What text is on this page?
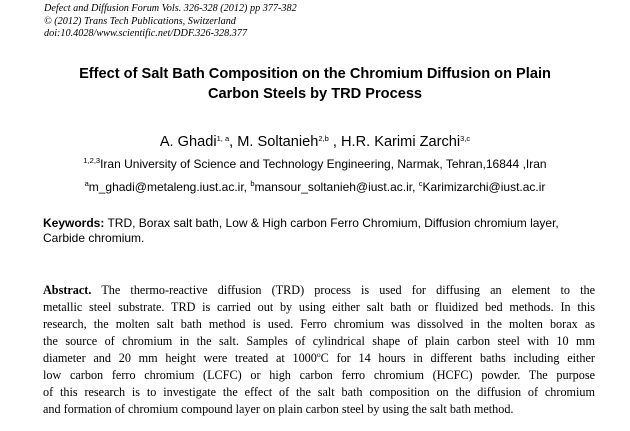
Defect and Diffusion Forum Vols. 326-328 (2012) pp 377-382
© (2012) Trans Tech Publications, Switzerland
doi:10.4028/www.scientific.net/DDF.326-328.377
Effect of Salt Bath Composition on the Chromium Diffusion on Plain
Carbon Steels by TRD Process
A. Ghadi$^{1, a}$, M. Soltanieh$^{2,b}$ , H.R. Karimi Zarchi$^{3,c}$
$^{1,2,3}$Iran University of Science and Technology Engineering, Narmak, Tehran,16844 ,Iran
$^a$m_ghadi@metaleng.iust.ac.ir, $^b$mansour_soltanieh@iust.ac.ir, $^c$Karimizarchi@iust.ac.ir
Keywords: TRD, Borax salt bath, Low & High carbon Ferro Chromium, Diffusion chromium layer,
Carbide chromium.
Abstract. The thermo-reactive diffusion (TRD) process is used for diffusing an element to the
metallic steel substrate. TRD is carried out by using either salt bath or fluidized bed methods. In this
research, the molten salt bath method is used. Ferro chromium was dissolved in the molten borax as
the source of chromium in the salt. Samples of cylindrical shape of plain carbon steel with 10 mm
diameter and 20 mm height were treated at 1000$^o$C for 14 hours in different baths including either
low carbon ferro chromium (LCFC) or high carbon ferro chromium (HCFC) powder. The purpose
of this research is to investigate the effect of the salt bath composition on the diffusion of chromium
and formation of chromium compound layer on plain carbon steel by using the salt bath method.
